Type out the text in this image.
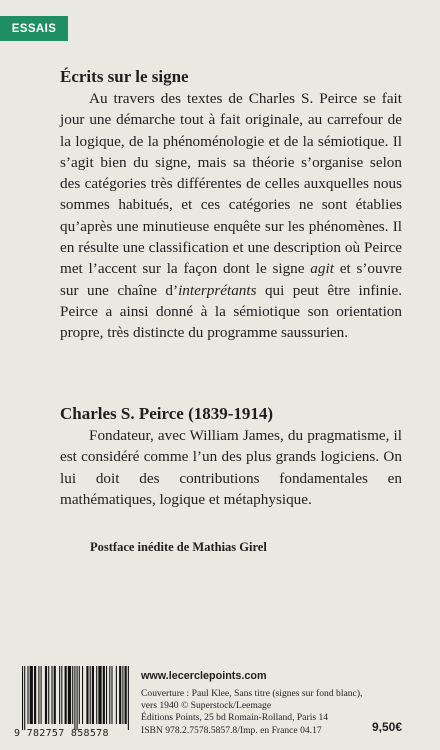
ESSAIS
Écrits sur le signe

Au travers des textes de Charles S. Peirce se fait jour une démarche tout à fait originale, au carrefour de la logique, de la phénoménologie et de la sémiotique. Il s’agit bien du signe, mais sa théorie s’organise selon des catégories très différentes de celles auxquelles nous sommes habitués, et ces catégories ne sont établies qu’après une minutieuse enquête sur les phénomènes. Il en résulte une classification et une description où Peirce met l’accent sur la façon dont le signe agit et s’ouvre sur une chaîne d’interprétants qui peut être infinie. Peirce a ainsi donné à la sémiotique son orientation propre, très distincte du programme saussurien.

Charles S. Peirce (1839-1914)

Fondateur, avec William James, du pragmatisme, il est considéré comme l’un des plus grands logiciens. On lui doit des contributions fondamentales en mathématiques, logique et métaphysique.

Postface inédite de Mathias Girel

9 782757 858578
www.lecerclepoints.com
Couverture : Paul Klee, Sans titre (signes sur fond blanc),
vers 1940 © Superstock/Leemage
Éditions Points, 25 bd Romain-Rolland, Paris 14
ISBN 978.2.7578.5857.8/Imp. en France 04.17	9,50€
